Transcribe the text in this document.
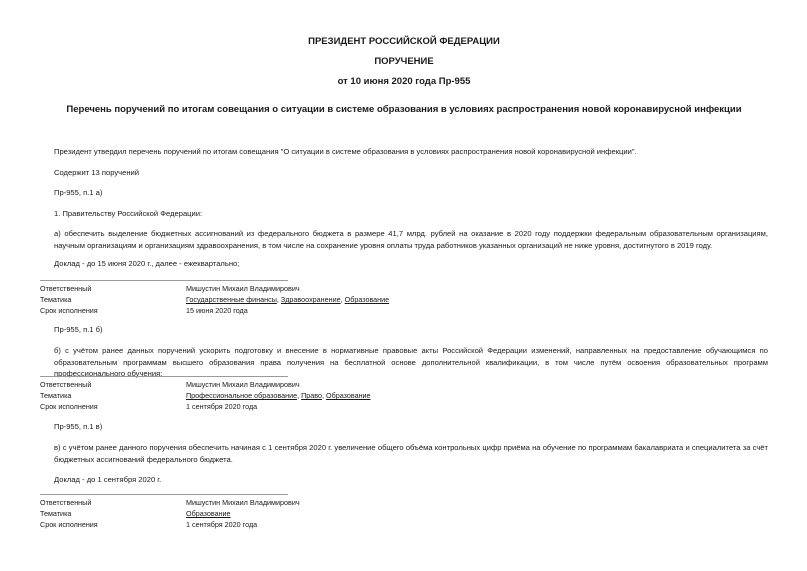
ПРЕЗИДЕНТ РОССИЙСКОЙ ФЕДЕРАЦИИ
ПОРУЧЕНИЕ
от 10 июня 2020 года Пр-955
Перечень поручений по итогам совещания о ситуации в системе образования в условиях распространения новой коронавирусной инфекции

Президент утвердил перечень поручений по итогам совещания "О ситуации в системе образования в условиях распространения новой коронавирусной инфекции".

Содержит 13 поручений

Пр-955, п.1 а)

1. Правительству Российской Федерации:

а) обеспечить выделение бюджетных ассигнований из федерального бюджета в размере 41,7 млрд. рублей на оказание в 2020 году поддержки федеральным образовательным организациям, научным организациям и организациям здравоохранения, в том числе на сохранение уровня оплаты труда работников указанных организаций не ниже уровня, достигнутого в 2019 году.

Доклад - до 15 июня 2020 г., далее - ежеквартально;

Ответственный	Мишустин Михаил Владимирович
Тематика	Государственные финансы, Здравоохранение, Образование
Срок исполнения	15 июня 2020 года

Пр-955, п.1 б)

б) с учётом ранее данных поручений ускорить подготовку и внесение в нормативные правовые акты Российской Федерации изменений, направленных на предоставление обучающимся по образовательным программам высшего образования права получения на бесплатной основе дополнительной квалификации, в том числе путём освоения образовательных программ профессионального обучения;

Ответственный	Мишустин Михаил Владимирович
Тематика	Профессиональное образование, Право, Образование
Срок исполнения	1 сентября 2020 года

Пр-955, п.1 в)

в) с учётом ранее данного поручения обеспечить начиная с 1 сентября 2020 г. увеличение общего объёма контрольных цифр приёма на обучение по программам бакалавриата и специалитета за счёт бюджетных ассигнований федерального бюджета.

Доклад - до 1 сентября 2020 г.

Ответственный	Мишустин Михаил Владимирович
Тематика	Образование
Срок исполнения	1 сентября 2020 года
